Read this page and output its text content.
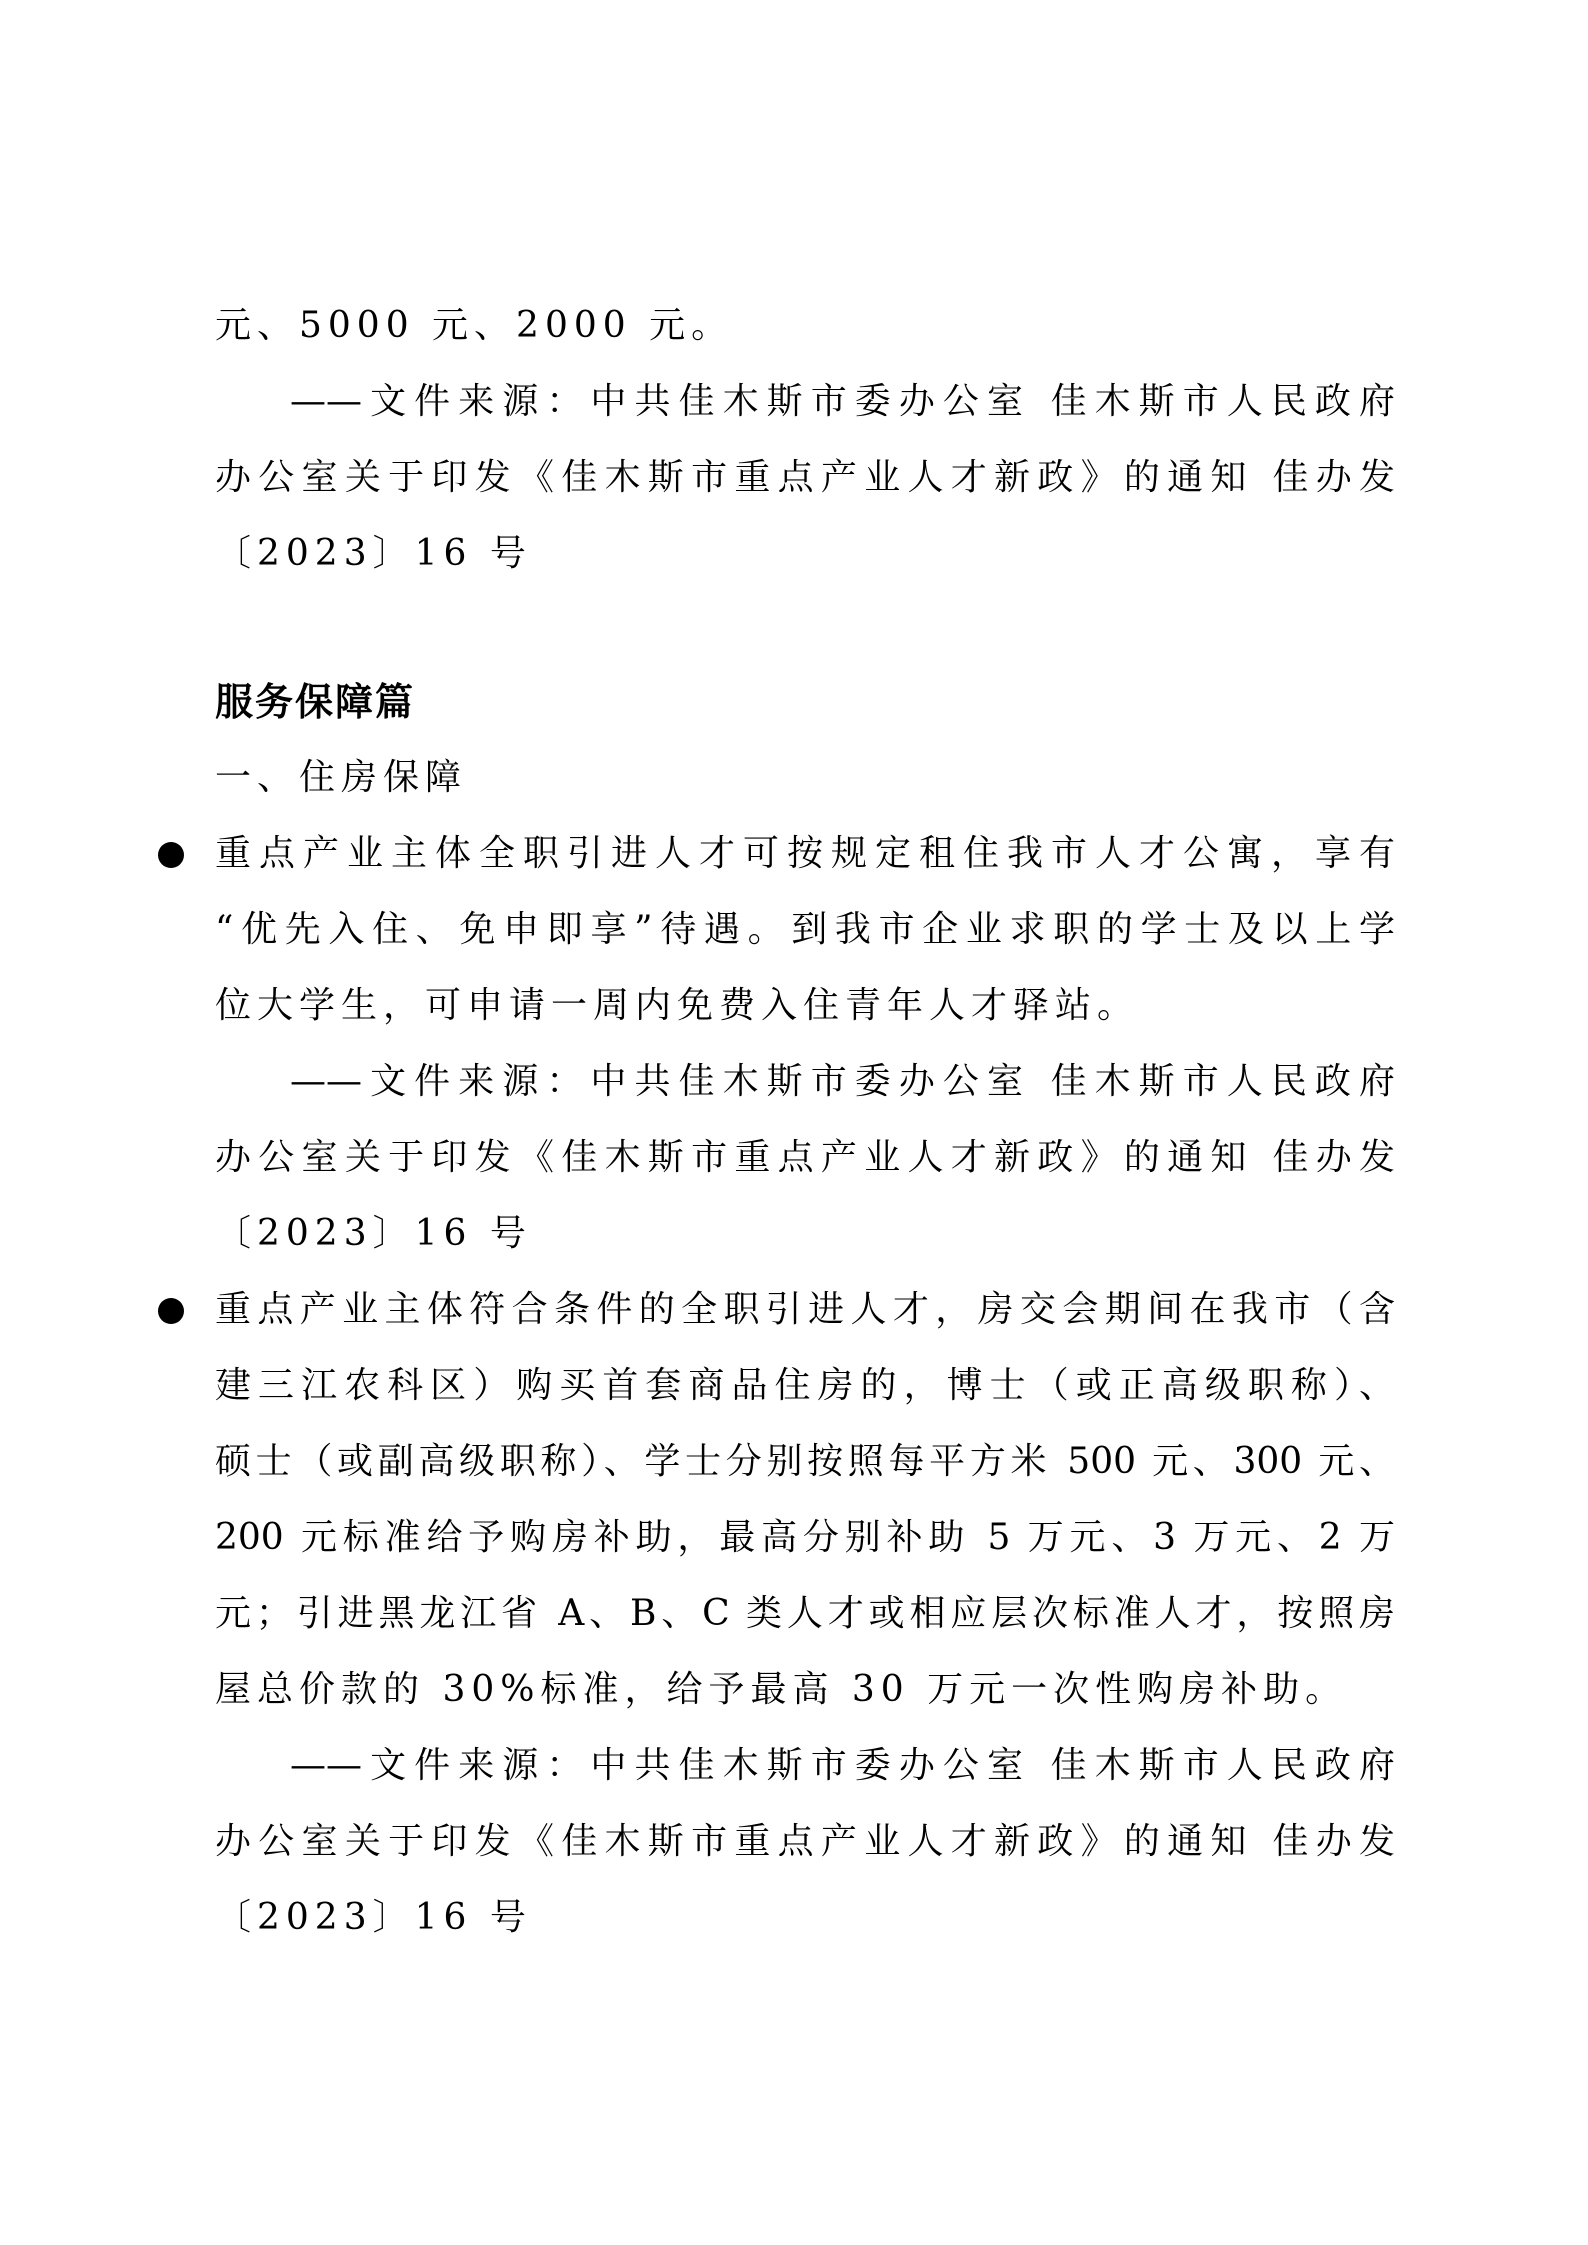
元、5000 元、2000 元。
——文件来源：中共佳木斯市委办公室 佳木斯市人民政府
办公室关于印发《佳木斯市重点产业人才新政》的通知 佳办发
〔2023〕16 号
服务保障篇
一、住房保障
重点产业主体全职引进人才可按规定租住我市人才公寓，享有
“优先入住、免申即享”待遇。到我市企业求职的学士及以上学
位大学生，可申请一周内免费入住青年人才驿站。
——文件来源：中共佳木斯市委办公室 佳木斯市人民政府
办公室关于印发《佳木斯市重点产业人才新政》的通知 佳办发
〔2023〕16 号
重点产业主体符合条件的全职引进人才，房交会期间在我市（含
建三江农科区）购买首套商品住房的，博士（或正高级职称）、
硕士（或副高级职称）、学士分别按照每平方米 500 元、300 元、
200 元标准给予购房补助，最高分别补助 5 万元、3 万元、2 万
元；引进黑龙江省 A、B、C 类人才或相应层次标准人才，按照房
屋总价款的 30%标准，给予最高 30 万元一次性购房补助。
——文件来源：中共佳木斯市委办公室 佳木斯市人民政府
办公室关于印发《佳木斯市重点产业人才新政》的通知 佳办发
〔2023〕16 号
